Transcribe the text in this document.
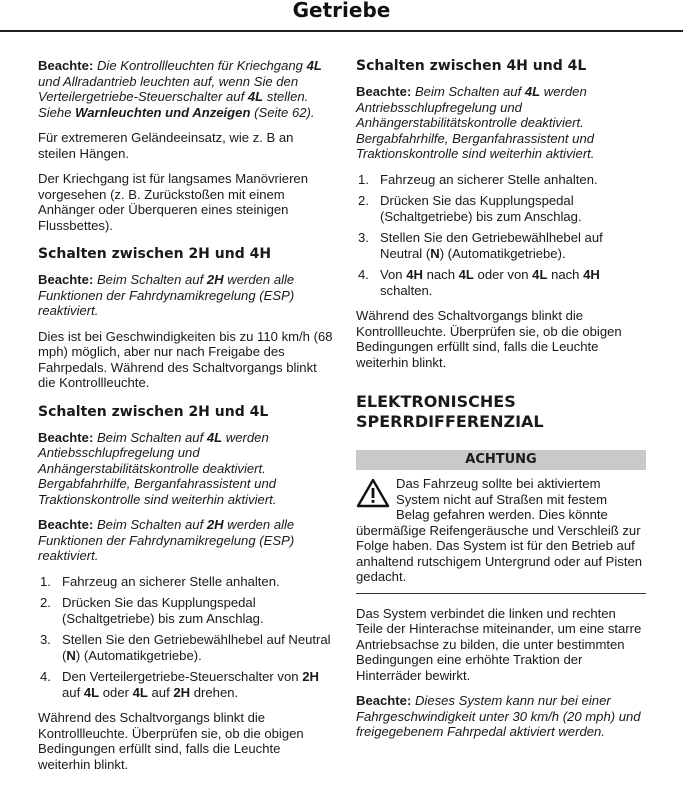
Getriebe

Beachte: Die Kontrollleuchten für Kriechgang 4L und Allradantrieb leuchten auf, wenn Sie den Verteilergetriebe-Steuerschalter auf 4L stellen. Siehe Warnleuchten und Anzeigen (Seite 62).

Für extremeren Geländeeinsatz, wie z. B an steilen Hängen.

Der Kriechgang ist für langsames Manövrieren vorgesehen (z. B. Zurückstoßen mit einem Anhänger oder Überqueren eines steinigen Flussbettes).

Schalten zwischen 2H und 4H

Beachte: Beim Schalten auf 2H werden alle Funktionen der Fahrdynamikregelung (ESP) reaktiviert.

Dies ist bei Geschwindigkeiten bis zu 110 km/h (68 mph) möglich, aber nur nach Freigabe des Fahrpedals. Während des Schaltvorgangs blinkt die Kontrollleuchte.

Schalten zwischen 2H und 4L

Beachte: Beim Schalten auf 4L werden Antiebsschlupfregelung und Anhängerstabilitätskontrolle deaktiviert. Bergabfahrhilfe, Berganfahrassistent und Traktionskontrolle sind weiterhin aktiviert.

Beachte: Beim Schalten auf 2H werden alle Funktionen der Fahrdynamikregelung (ESP) reaktiviert.

1. Fahrzeug an sicherer Stelle anhalten.
2. Drücken Sie das Kupplungspedal (Schaltgetriebe) bis zum Anschlag.
3. Stellen Sie den Getriebewählhebel auf Neutral (N) (Automatikgetriebe).
4. Den Verteilergetriebe-Steuerschalter von 2H auf 4L oder 4L auf 2H drehen.

Während des Schaltvorgangs blinkt die Kontrollleuchte. Überprüfen sie, ob die obigen Bedingungen erfüllt sind, falls die Leuchte weiterhin blinkt.

Schalten zwischen 4H und 4L

Beachte: Beim Schalten auf 4L werden Antriebsschlupfregelung und Anhängerstabilitätskontrolle deaktiviert. Bergabfahrhilfe, Berganfahrassistent und Traktionskontrolle sind weiterhin aktiviert.

1. Fahrzeug an sicherer Stelle anhalten.
2. Drücken Sie das Kupplungspedal (Schaltgetriebe) bis zum Anschlag.
3. Stellen Sie den Getriebewählhebel auf Neutral (N) (Automatikgetriebe).
4. Von 4H nach 4L oder von 4L nach 4H schalten.

Während des Schaltvorgangs blinkt die Kontrollleuchte. Überprüfen sie, ob die obigen Bedingungen erfüllt sind, falls die Leuchte weiterhin blinkt.

ELEKTRONISCHES
SPERRDIFFERENZIAL
ACHTUNG

Das Fahrzeug sollte bei aktiviertem
System nicht auf Straßen mit festem
Belag gefahren werden. Dies könnte
übermäßige Reifengeräusche und Verschleiß zur Folge haben. Das System ist für den Betrieb auf anhaltend rutschigem Untergrund oder auf Pisten gedacht.

Das System verbindet die linken und rechten Teile der Hinterachse miteinander, um eine starre Antriebsachse zu bilden, die unter bestimmten Bedingungen eine erhöhte Traktion der Hinterräder bewirkt.

Beachte: Dieses System kann nur bei einer Fahrgeschwindigkeit unter 30 km/h (20 mph) und freigegebenem Fahrpedal aktiviert werden.
